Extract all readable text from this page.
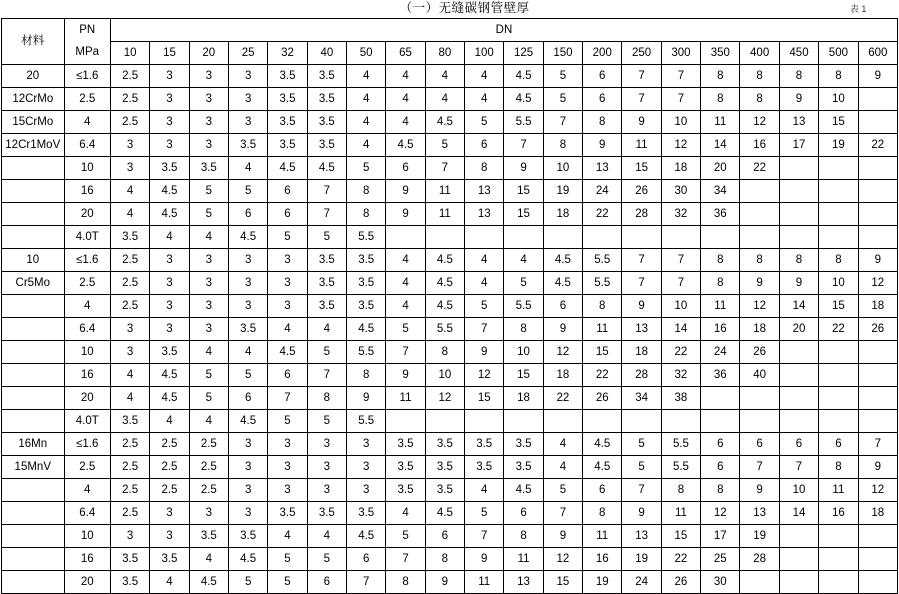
		（一）无缝碳钢管壁厚																		表 1	
材料	PN	DN																			
	MPa	10	15	20	25	32	40	50	65	80	100	125	150	200	250	300	350	400	450	500	600
20	≤1.6	2.5	3	3	3	3.5	3.5	4	4	4	4	4.5	5	6	7	7	8	8	8	8	9
12CrMo	2.5	2.5	3	3	3	3.5	3.5	4	4	4	4	4.5	5	6	7	7	8	8	9	10	
15CrMo	4	2.5	3	3	3	3.5	3.5	4	4	4.5	5	5.5	7	8	9	10	11	12	13	15	
12Cr1MoV	6.4	3	3	3	3.5	3.5	3.5	4	4.5	5	6	7	8	9	11	12	14	16	17	19	22
	10	3	3.5	3.5	4	4.5	4.5	5	6	7	8	9	10	13	15	18	20	22			
	16	4	4.5	5	5	6	7	8	9	11	13	15	19	24	26	30	34				
	20	4	4.5	5	6	6	7	8	9	11	13	15	18	22	28	32	36				
	4.0T	3.5	4	4	4.5	5	5	5.5													
10	≤1.6	2.5	3	3	3	3	3.5	3.5	4	4.5	4	4	4.5	5.5	7	7	8	8	8	8	9
Cr5Mo	2.5	2.5	3	3	3	3	3.5	3.5	4	4.5	4	5	4.5	5.5	7	7	8	9	9	10	12
	4	2.5	3	3	3	3	3.5	3.5	4	4.5	5	5.5	6	8	9	10	11	12	14	15	18
	6.4	3	3	3	3.5	4	4	4.5	5	5.5	7	8	9	11	13	14	16	18	20	22	26
	10	3	3.5	4	4	4.5	5	5.5	7	8	9	10	12	15	18	22	24	26			
	16	4	4.5	5	5	6	7	8	9	10	12	15	18	22	28	32	36	40			
	20	4	4.5	5	6	7	8	9	11	12	15	18	22	26	34	38					
	4.0T	3.5	4	4	4.5	5	5	5.5													
16Mn	≤1.6	2.5	2.5	2.5	3	3	3	3	3.5	3.5	3.5	3.5	4	4.5	5	5.5	6	6	6	6	7
15MnV	2.5	2.5	2.5	2.5	3	3	3	3	3.5	3.5	3.5	3.5	4	4.5	5	5.5	6	7	7	8	9
	4	2.5	2.5	2.5	3	3	3	3	3.5	3.5	4	4.5	5	6	7	8	8	9	10	11	12
	6.4	2.5	3	3	3	3.5	3.5	3.5	4	4.5	5	6	7	8	9	11	12	13	14	16	18
	10	3	3	3.5	3.5	4	4	4.5	5	6	7	8	9	11	13	15	17	19			
	16	3.5	3.5	4	4.5	5	5	6	7	8	9	11	12	16	19	22	25	28			
	20	3.5	4	4.5	5	5	6	7	8	9	11	13	15	19	24	26	30				
